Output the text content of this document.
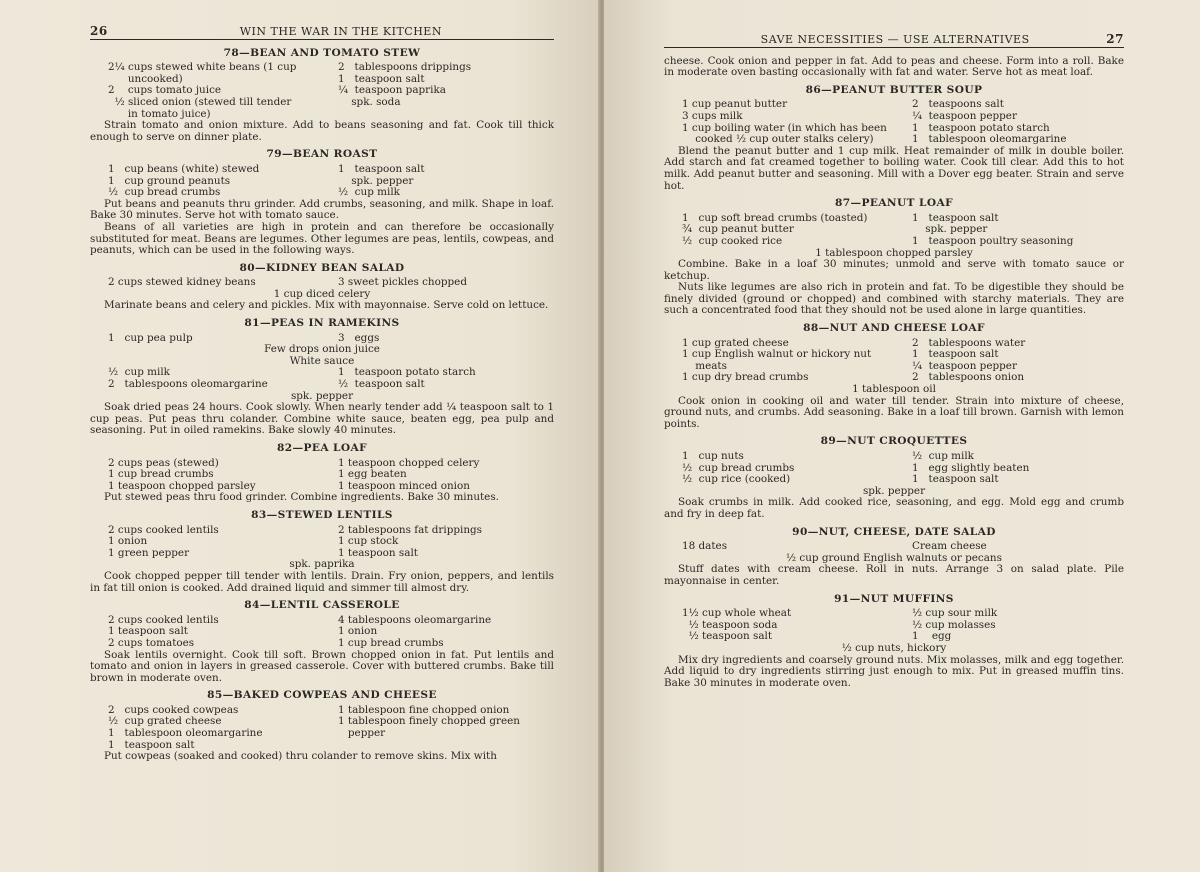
26	WIN THE WAR IN THE KITCHEN
78—BEAN AND TOMATO STEW
2¼ cups stewed white beans (1 cup	2   tablespoons drippings
uncooked)	1   teaspoon salt
2    cups tomato juice	¼  teaspoon paprika
½ sliced onion (stewed till tender	spk. soda
in tomato juice)
Strain tomato and onion mixture. Add to beans seasoning and fat. Cook till thick enough to serve on dinner plate.
79—BEAN ROAST
1   cup beans (white) stewed	1   teaspoon salt
1   cup ground peanuts	spk. pepper
½  cup bread crumbs	½  cup milk
Put beans and peanuts thru grinder. Add crumbs, seasoning, and milk. Shape in loaf. Bake 30 minutes. Serve hot with tomato sauce.
Beans of all varieties are high in protein and can therefore be occasionally substituted for meat. Beans are legumes. Other legumes are peas, lentils, cowpeas, and peanuts, which can be used in the following ways.
80—KIDNEY BEAN SALAD
2 cups stewed kidney beans	3 sweet pickles chopped
1 cup diced celery
Marinate beans and celery and pickles. Mix with mayonnaise. Serve cold on lettuce.
81—PEAS IN RAMEKINS
1   cup pea pulp	3   eggs
Few drops onion juice
White sauce
½  cup milk	1   teaspoon potato starch
2   tablespoons oleomargarine	½  teaspoon salt
spk. pepper
Soak dried peas 24 hours. Cook slowly. When nearly tender add ¼ teaspoon salt to 1 cup peas. Put peas thru colander. Combine white sauce, beaten egg, pea pulp and seasoning. Put in oiled ramekins. Bake slowly 40 minutes.
82—PEA LOAF
2 cups peas (stewed)	1 teaspoon chopped celery
1 cup bread crumbs	1 egg beaten
1 teaspoon chopped parsley	1 teaspoon minced onion
Put stewed peas thru food grinder. Combine ingredients. Bake 30 minutes.
83—STEWED LENTILS
2 cups cooked lentils	2 tablespoons fat drippings
1 onion	1 cup stock
1 green pepper	1 teaspoon salt
spk. paprika
Cook chopped pepper till tender with lentils. Drain. Fry onion, peppers, and lentils in fat till onion is cooked. Add drained liquid and simmer till almost dry.
84—LENTIL CASSEROLE
2 cups cooked lentils	4 tablespoons oleomargarine
1 teaspoon salt	1 onion
2 cups tomatoes	1 cup bread crumbs
Soak lentils overnight. Cook till soft. Brown chopped onion in fat. Put lentils and tomato and onion in layers in greased casserole. Cover with buttered crumbs. Bake till brown in moderate oven.
85—BAKED COWPEAS AND CHEESE
2   cups cooked cowpeas	1 tablespoon fine chopped onion
½  cup grated cheese	1 tablespoon finely chopped green
1   tablespoon oleomargarine	pepper
1   teaspoon salt
Put cowpeas (soaked and cooked) thru colander to remove skins. Mix with
SAVE NECESSITIES — USE ALTERNATIVES	27
cheese. Cook onion and pepper in fat. Add to peas and cheese. Form into a roll. Bake in moderate oven basting occasionally with fat and water. Serve hot as meat loaf.
86—PEANUT BUTTER SOUP
1 cup peanut butter	2   teaspoons salt
3 cups milk	¼  teaspoon pepper
1 cup boiling water (in which has been	1   teaspoon potato starch
cooked ½ cup outer stalks celery)	1   tablespoon oleomargarine
Blend the peanut butter and 1 cup milk. Heat remainder of milk in double boiler. Add starch and fat creamed together to boiling water. Cook till clear. Add this to hot milk. Add peanut butter and seasoning. Mill with a Dover egg beater. Strain and serve hot.
87—PEANUT LOAF
1   cup soft bread crumbs (toasted)	1   teaspoon salt
¾  cup peanut butter	spk. pepper
½  cup cooked rice	1   teaspoon poultry seasoning
1 tablespoon chopped parsley
Combine. Bake in a loaf 30 minutes; unmold and serve with tomato sauce or ketchup.
Nuts like legumes are also rich in protein and fat. To be digestible they should be finely divided (ground or chopped) and combined with starchy materials. They are such a concentrated food that they should not be used alone in large quantities.
88—NUT AND CHEESE LOAF
1 cup grated cheese	2   tablespoons water
1 cup English walnut or hickory nut	1   teaspoon salt
meats	¼  teaspoon pepper
1 cup dry bread crumbs	2   tablespoons onion
1 tablespoon oil
Cook onion in cooking oil and water till tender. Strain into mixture of cheese, ground nuts, and crumbs. Add seasoning. Bake in a loaf till brown. Garnish with lemon points.
89—NUT CROQUETTES
1   cup nuts	½  cup milk
½  cup bread crumbs	1   egg slightly beaten
½  cup rice (cooked)	1   teaspoon salt
spk. pepper
Soak crumbs in milk. Add cooked rice, seasoning, and egg. Mold egg and crumb and fry in deep fat.
90—NUT, CHEESE, DATE SALAD
18 dates	Cream cheese
½ cup ground English walnuts or pecans
Stuff dates with cream cheese. Roll in nuts. Arrange 3 on salad plate. Pile mayonnaise in center.
91—NUT MUFFINS
1½ cup whole wheat	½ cup sour milk
½ teaspoon soda	½ cup molasses
½ teaspoon salt	1    egg
½ cup nuts, hickory
Mix dry ingredients and coarsely ground nuts. Mix molasses, milk and egg together. Add liquid to dry ingredients stirring just enough to mix. Put in greased muffin tins. Bake 30 minutes in moderate oven.
